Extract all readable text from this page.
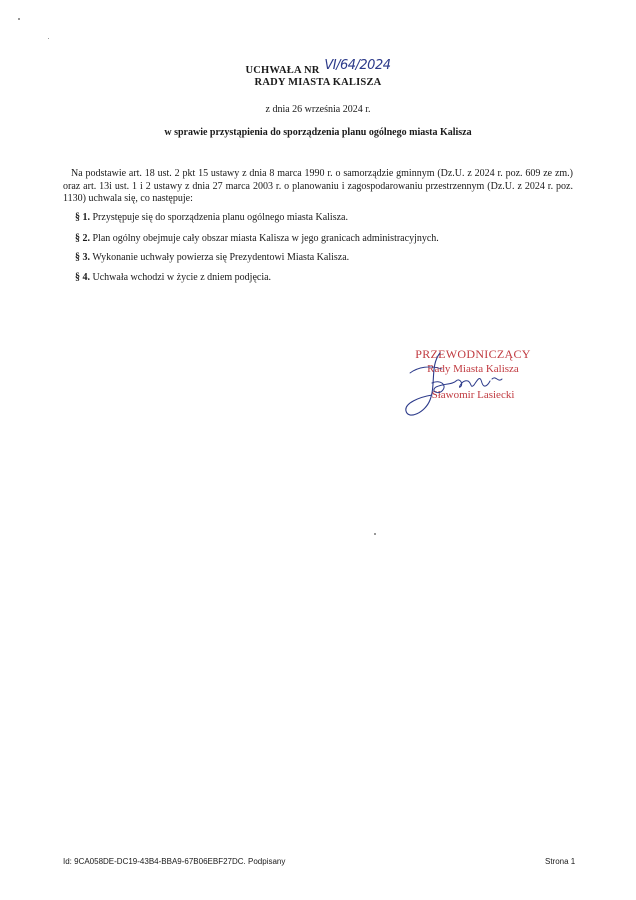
UCHWAŁA NR VI/64/2024
RADY MIASTA KALISZA
z dnia 26 września 2024 r.
w sprawie przystąpienia do sporządzenia planu ogólnego miasta Kalisza
Na podstawie art. 18 ust. 2 pkt 15 ustawy z dnia 8 marca 1990 r. o samorządzie gminnym (Dz.U. z 2024 r. poz. 609 ze zm.) oraz art. 13i ust. 1 i 2 ustawy z dnia 27 marca 2003 r. o planowaniu i zagospodarowaniu przestrzennym (Dz.U. z 2024 r. poz. 1130) uchwala się, co następuje:
§ 1. Przystępuje się do sporządzenia planu ogólnego miasta Kalisza.
§ 2. Plan ogólny obejmuje cały obszar miasta Kalisza w jego granicach administracyjnych.
§ 3. Wykonanie uchwały powierza się Prezydentowi Miasta Kalisza.
§ 4. Uchwała wchodzi w życie z dniem podjęcia.
PRZEWODNICZĄCY
Rady Miasta Kalisza
Sławomir Lasiecki
Id: 9CA058DE-DC19-43B4-BBA9-67B06EBF27DC. Podpisany	Strona 1
